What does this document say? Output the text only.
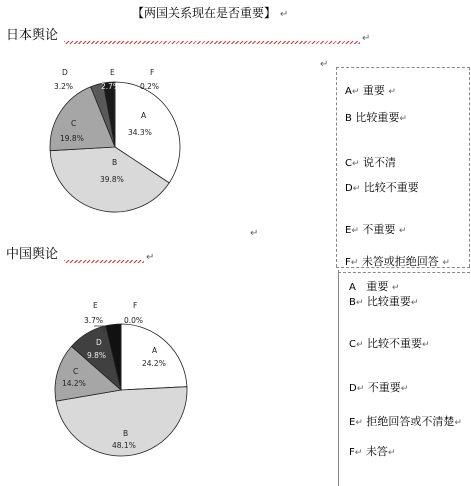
【两国关系现在是否重要】 ↵
日本舆论	↵
↵
A
34.3%
B
39.8%
C
19.8%
D
3.2%
E
2.7%
F
0.2%	A↵ 重要 ↵
B 比较重要↵
C↵ 说不清
D↵ 比较不重要
E↵ 不重要 ↵
F↵ 未答或拒绝回答 ↵
↵
中国舆论	↵
A 重要 ↵
B↵ 比较重要↵
C↵ 比较不重要↵
D↵ 不重要↵
E↵ 拒绝回答或不清楚↵
F↵ 未答↵
A
24.2%
B
48.1%
C
14.2%
D
9.8%
E
3.7%
F
0.0%
